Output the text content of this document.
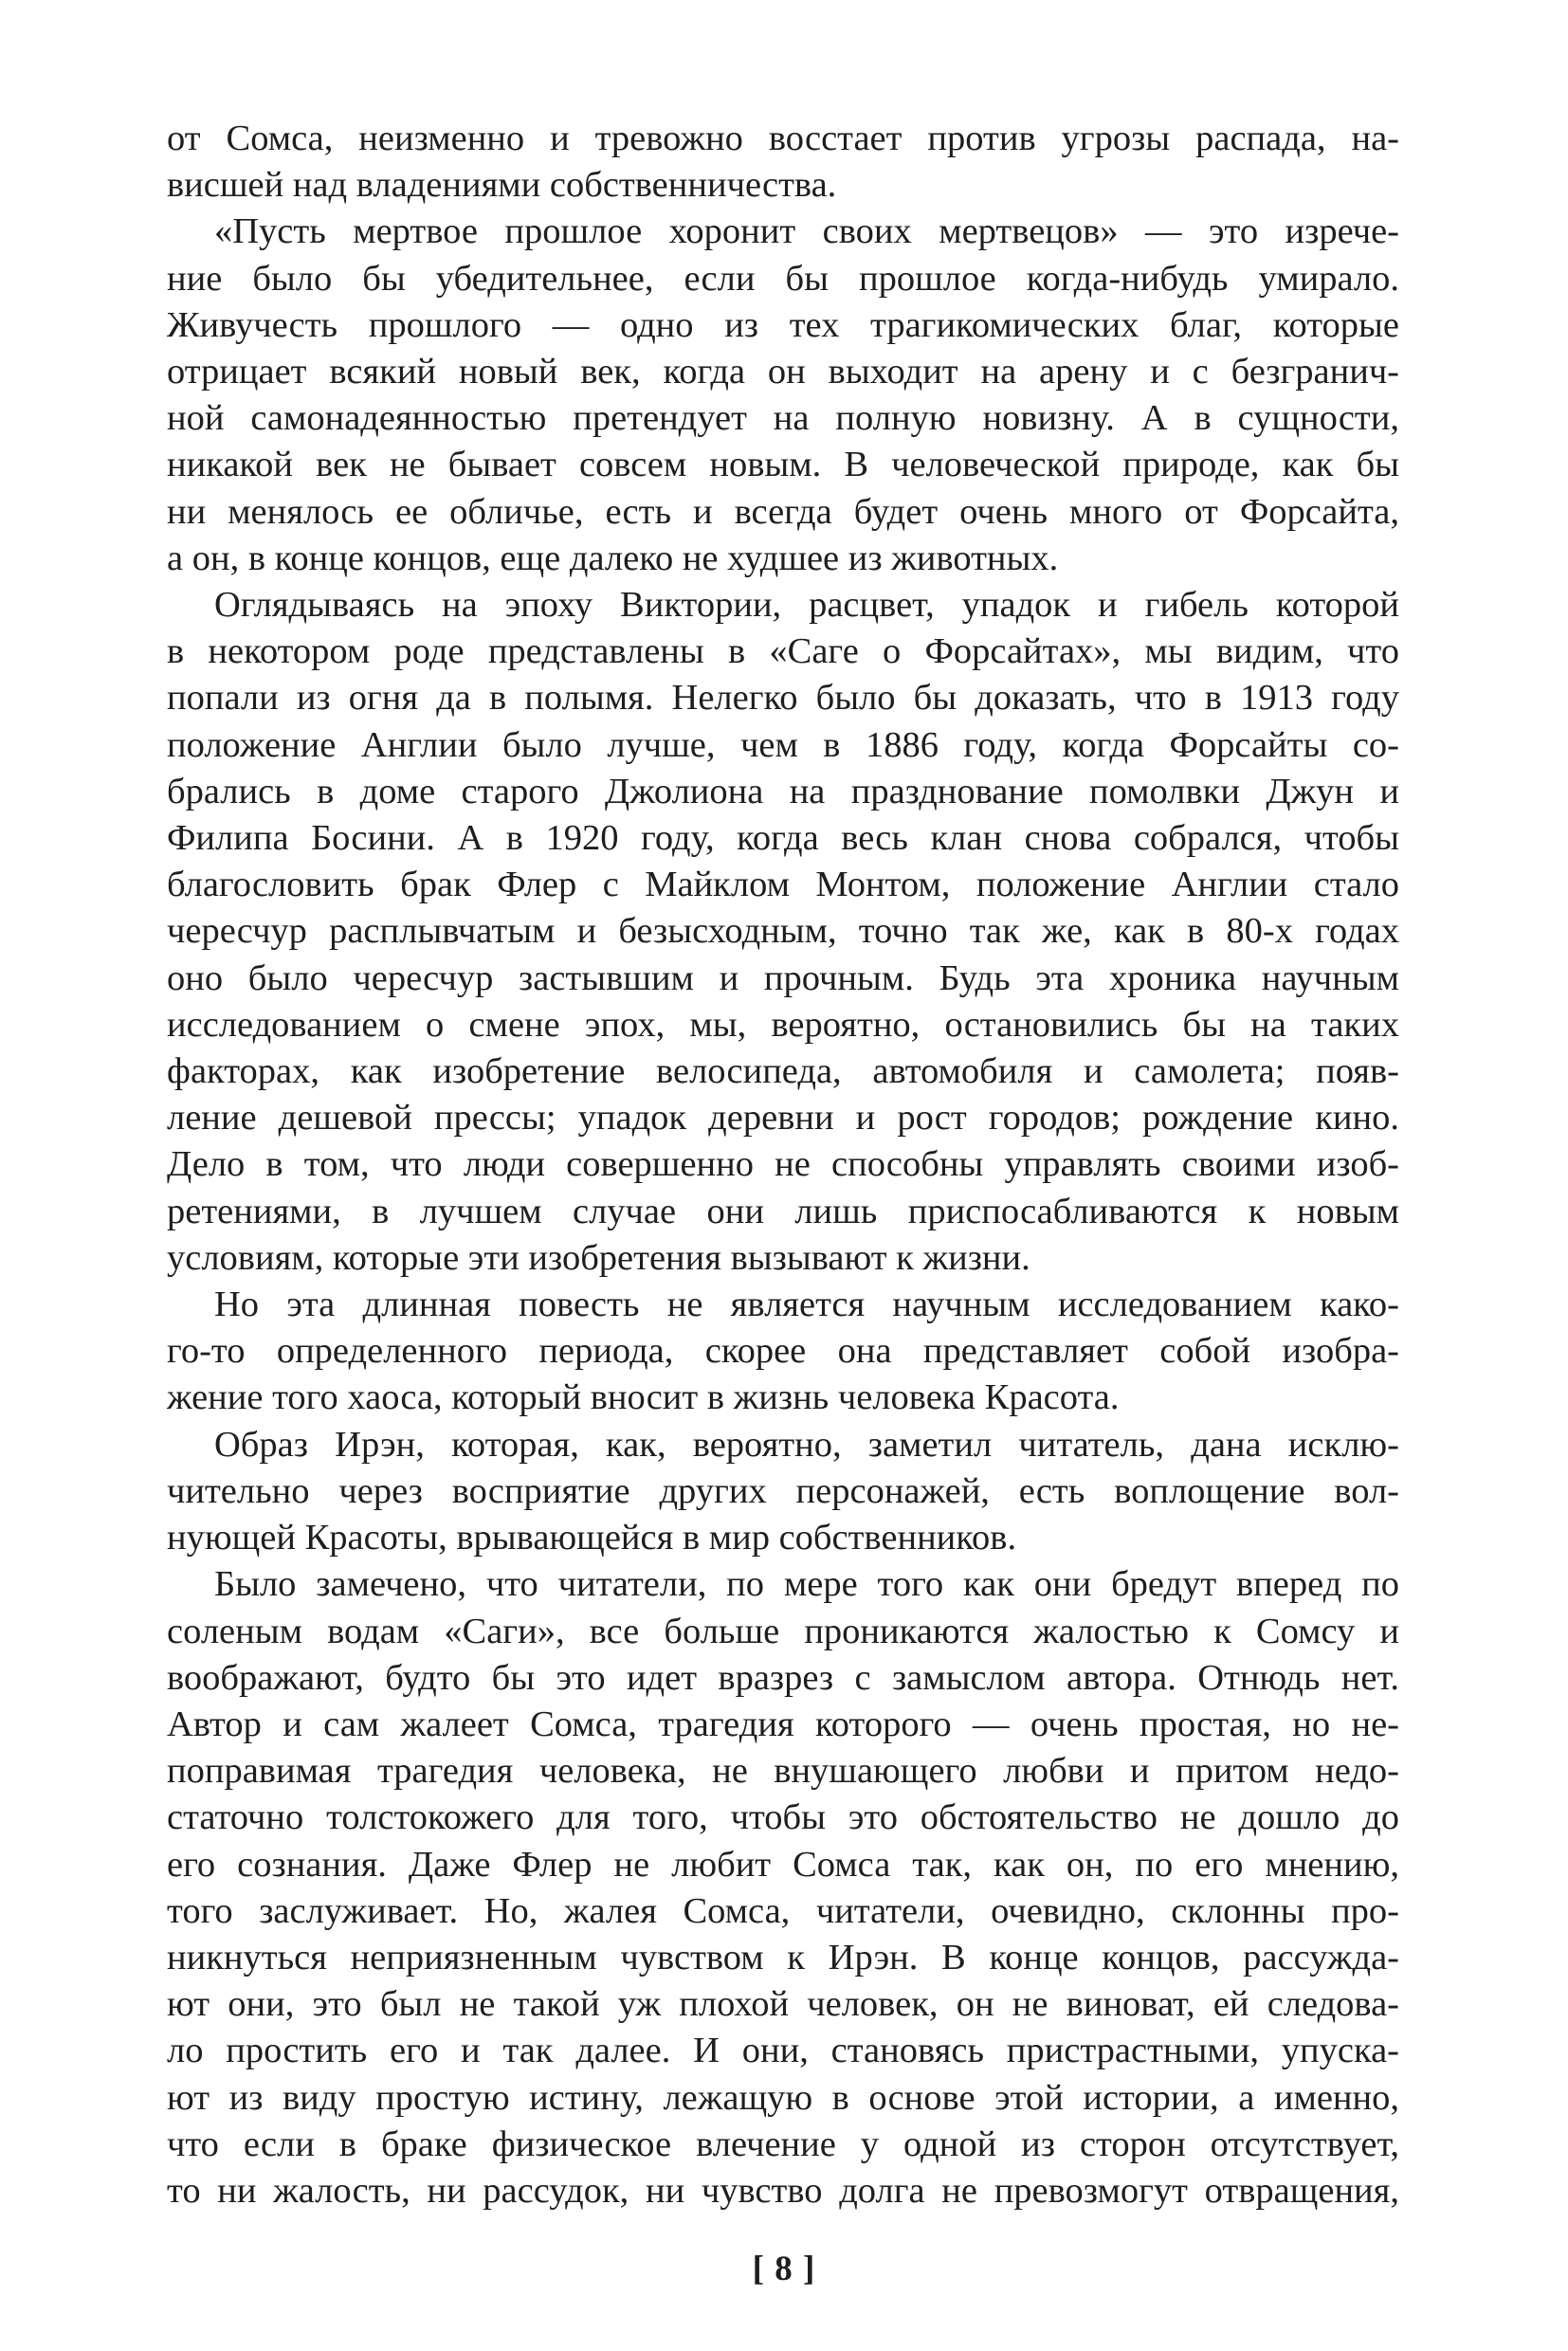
от Сомса, неизменно и тревожно восстает против угрозы распада, на-
висшей над владениями собственничества.
«Пусть мертвое прошлое хоронит своих мертвецов» — это изрече-
ние было бы убедительнее, если бы прошлое когда-нибудь умирало.
Живучесть прошлого — одно из тех трагикомических благ, которые
отрицает всякий новый век, когда он выходит на арену и с безгранич-
ной самонадеянностью претендует на полную новизну. А в сущности,
никакой век не бывает совсем новым. В человеческой природе, как бы
ни менялось ее обличье, есть и всегда будет очень много от Форсайта,
а он, в конце концов, еще далеко не худшее из животных.
Оглядываясь на эпоху Виктории, расцвет, упадок и гибель которой
в некотором роде представлены в «Саге о Форсайтах», мы видим, что
попали из огня да в полымя. Нелегко было бы доказать, что в 1913 году
положение Англии было лучше, чем в 1886 году, когда Форсайты со-
брались в доме старого Джолиона на празднование помолвки Джун и
Филипа Босини. А в 1920 году, когда весь клан снова собрался, чтобы
благословить брак Флер с Майклом Монтом, положение Англии стало
чересчур расплывчатым и безысходным, точно так же, как в 80-х годах
оно было чересчур застывшим и прочным. Будь эта хроника научным
исследованием о смене эпох, мы, вероятно, остановились бы на таких
факторах, как изобретение велосипеда, автомобиля и самолета; появ-
ление дешевой прессы; упадок деревни и рост городов; рождение кино.
Дело в том, что люди совершенно не способны управлять своими изоб-
ретениями, в лучшем случае они лишь приспосабливаются к новым
условиям, которые эти изобретения вызывают к жизни.
Но эта длинная повесть не является научным исследованием како-
го-то определенного периода, скорее она представляет собой изобра-
жение того хаоса, который вносит в жизнь человека Красота.
Образ Ирэн, которая, как, вероятно, заметил читатель, дана исклю-
чительно через восприятие других персонажей, есть воплощение вол-
нующей Красоты, врывающейся в мир собственников.
Было замечено, что читатели, по мере того как они бредут вперед по
соленым водам «Саги», все больше проникаются жалостью к Сомсу и
воображают, будто бы это идет вразрез с замыслом автора. Отнюдь нет.
Автор и сам жалеет Сомса, трагедия которого — очень простая, но не-
поправимая трагедия человека, не внушающего любви и притом недо-
статочно толстокожего для того, чтобы это обстоятельство не дошло до
его сознания. Даже Флер не любит Сомса так, как он, по его мнению,
того заслуживает. Но, жалея Сомса, читатели, очевидно, склонны про-
никнуться неприязненным чувством к Ирэн. В конце концов, рассужда-
ют они, это был не такой уж плохой человек, он не виноват, ей следова-
ло простить его и так далее. И они, становясь пристрастными, упуска-
ют из виду простую истину, лежащую в основе этой истории, а именно,
что если в браке физическое влечение у одной из сторон отсутствует,
то ни жалость, ни рассудок, ни чувство долга не превозмогут отвращения,
[ 8 ]
